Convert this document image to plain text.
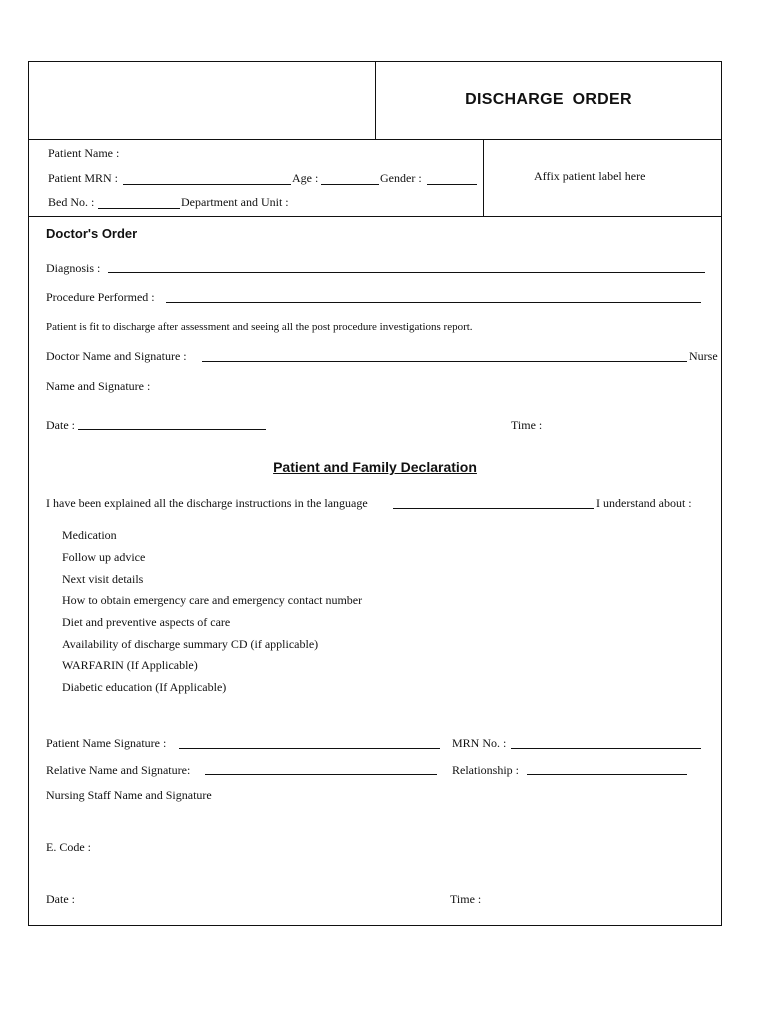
DISCHARGE ORDER
Patient Name :
Patient MRN :	Age :	Gender :
Bed No. :	Department and Unit :
Affix patient label here
Doctor's Order
Diagnosis :
Procedure Performed :
Patient is fit to discharge after assessment and seeing all the post procedure investigations report.
Doctor Name and Signature :	Nurse
Name and Signature :
Date :	Time :
Patient and Family Declaration
I have been explained all the discharge instructions in the language	I understand about :
Medication
Follow up advice
Next visit details
How to obtain emergency care and emergency contact number
Diet and preventive aspects of care
Availability of discharge summary CD (if applicable)
WARFARIN (If Applicable)
Diabetic education (If Applicable)
Patient Name Signature :	MRN No. :
Relative Name and Signature:	Relationship :
Nursing Staff Name and Signature
E. Code :
Date :	Time :
